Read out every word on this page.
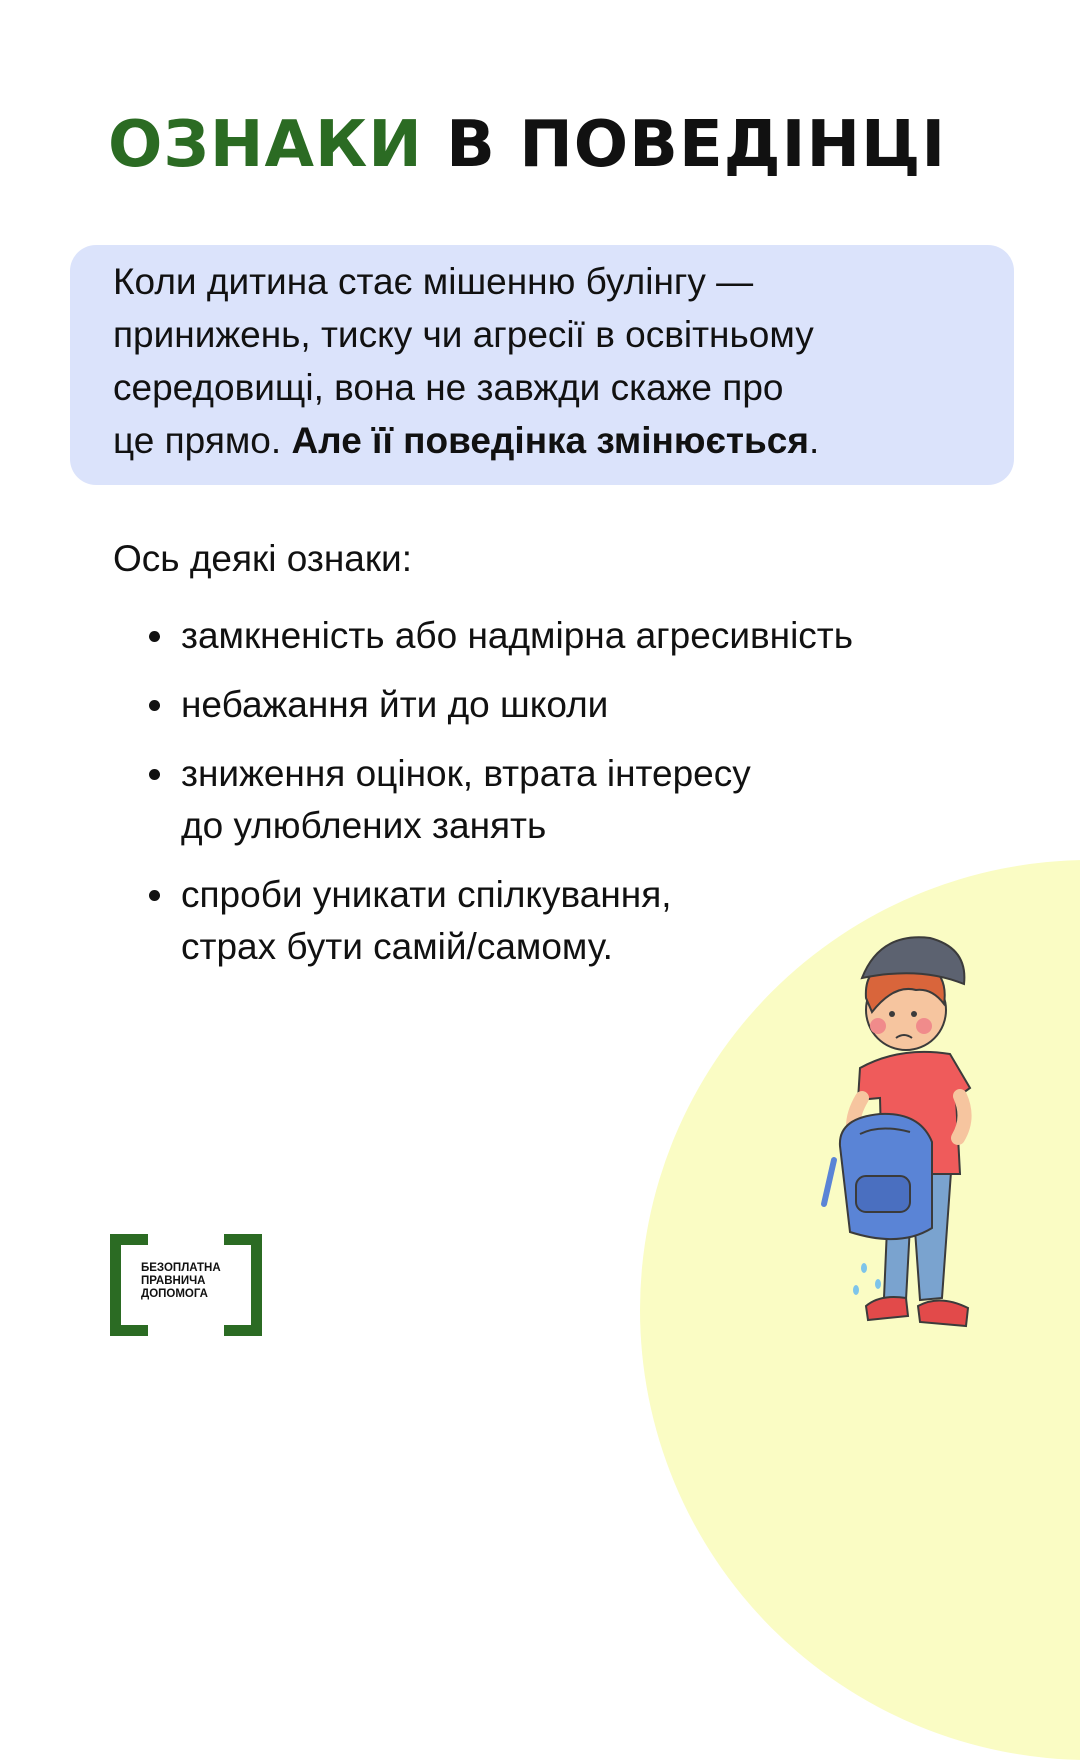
ОЗНАКИ В ПОВЕДІНЦІ

Коли дитина стає мішенню булінгу —
принижень, тиску чи агресії в освітньому
середовищі, вона не завжди скаже про
це прямо. Але її поведінка змінюється.

Ось деякі ознаки:

замкненість або надмірна агресивність
небажання йти до школи
зниження оцінок, втрата інтересу
до улюблених занять
спроби уникати спілкування,
страх бути самій/самому.
БЕЗОПЛАТНА
ПРАВНИЧА
ДОПОМОГА
